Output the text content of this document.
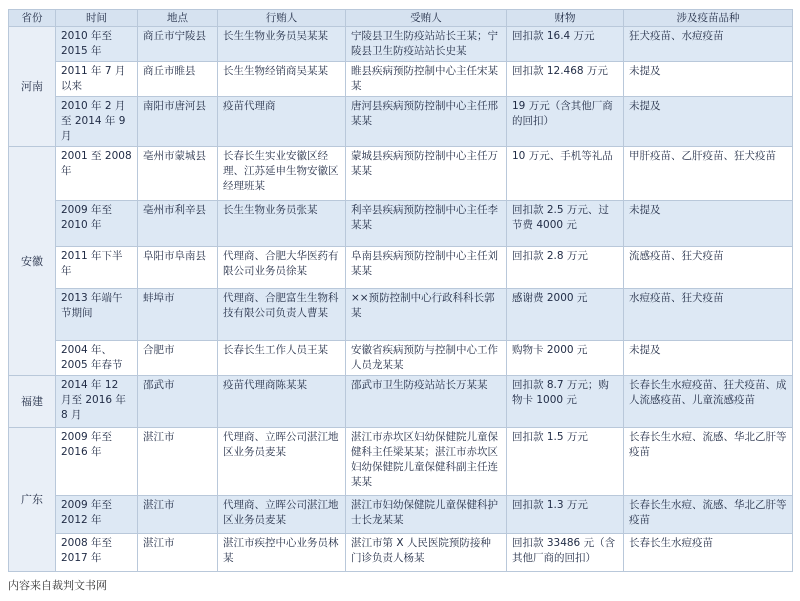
省份	时间	地点	行贿人	受贿人	财物	涉及疫苗品种
河南	2010 年至 2015 年	商丘市宁陵县	长生生物业务员吴某某	宁陵县卫生防疫站站长王某；宁陵县卫生防疫站站长史某	回扣款 16.4 万元	狂犬疫苗、水痘疫苗
	2011 年 7 月以来	商丘市睢县	长生生物经销商吴某某	睢县疾病预防控制中心主任宋某某	回扣款 12.468 万元	未提及
	2010 年 2 月至 2014 年 9 月	南阳市唐河县	疫苗代理商	唐河县疾病预防控制中心主任邢某某	19 万元（含其他厂商的回扣）	未提及
安徽	2001 至 2008 年	亳州市蒙城县	长春长生实业安徽区经理、江苏延申生物安徽区经理班某	蒙城县疾病预防控制中心主任万某某	10 万元、手机等礼品	甲肝疫苗、乙肝疫苗、狂犬疫苗
	2009 年至 2010 年	亳州市利辛县	长生生物业务员张某	利辛县疾病预防控制中心主任李某某	回扣款 2.5 万元、过节费 4000 元	未提及
	2011 年下半年	阜阳市阜南县	代理商、合肥大华医药有限公司业务员徐某	阜南县疾病预防控制中心主任刘某某	回扣款 2.8 万元	流感疫苗、狂犬疫苗
	2013 年端午节期间	蚌埠市	代理商、合肥富生生物科技有限公司负责人曹某	××预防控制中心行政科科长郭某	感谢费 2000 元	水痘疫苗、狂犬疫苗
	2004 年、2005 年春节	合肥市	长春长生工作人员王某	安徽省疾病预防与控制中心工作人员龙某某	购物卡 2000 元	未提及
福建	2014 年 12 月至 2016 年 8 月	邵武市	疫苗代理商陈某某	邵武市卫生防疫站站长万某某	回扣款 8.7 万元；购物卡 1000 元	长春长生水痘疫苗、狂犬疫苗、成人流感疫苗、儿童流感疫苗
广东	2009 年至 2016 年	湛江市	代理商、立晖公司湛江地区业务员麦某	湛江市赤坎区妇幼保健院儿童保健科主任梁某某；湛江市赤坎区妇幼保健院儿童保健科副主任连某某	回扣款 1.5 万元	长春长生水痘、流感、华北乙肝等疫苗
	2009 年至 2012 年	湛江市	代理商、立晖公司湛江地区业务员麦某	湛江市妇幼保健院儿童保健科护士长龙某某	回扣款 1.3 万元	长春长生水痘、流感、华北乙肝等疫苗
	2008 年至 2017 年	湛江市	湛江市疾控中心业务员林某	湛江市第 X 人民医院预防接种门诊负责人杨某	回扣款 33486 元（含其他厂商的回扣）	长春长生水痘疫苗
内容来自裁判文书网
